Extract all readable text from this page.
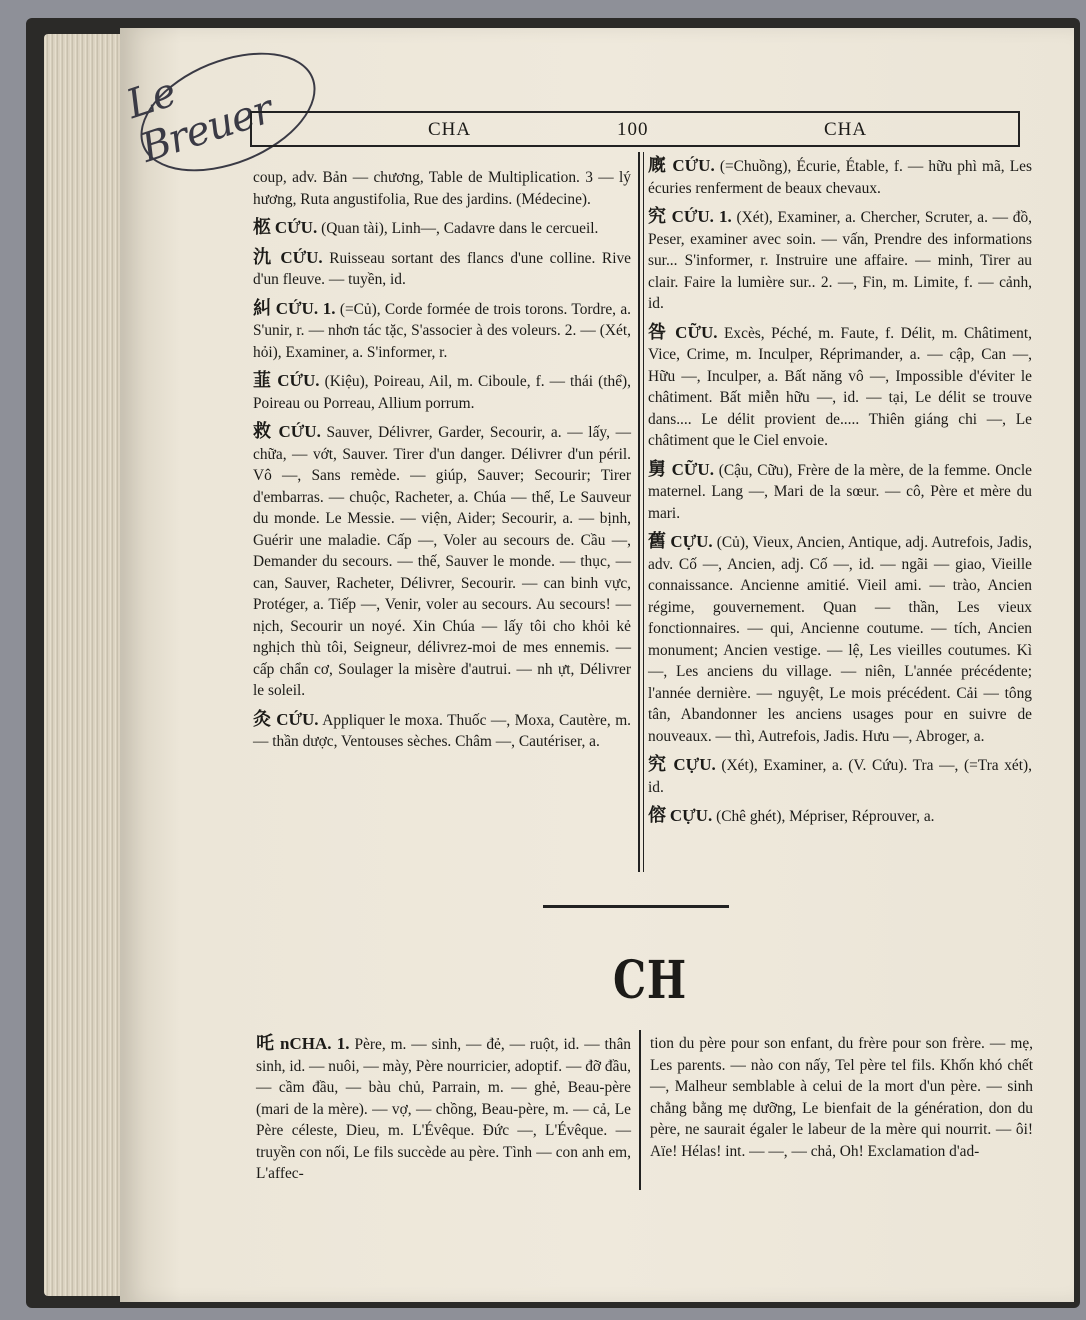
Le Breuer	CHA	100	CHA

coup, adv. Bản — chương, Table de Multiplication. 3 — lý hương, Ruta angustifolia, Rue des jardins. (Médecine).

柩 CỨU. (Quan tài), Linh—, Cadavre dans le cercueil.

氿 CỨU. Ruisseau sortant des flancs d'une colline. Rive d'un fleuve. — tuyền, id.

糾 CỨU. 1. (=Củ), Corde formée de trois torons. Tordre, a. S'unir, r. — nhơn tác tặc, S'associer à des voleurs. 2. — (Xét, hỏi), Examiner, a. S'informer, r.

韮 CỨU. (Kiệu), Poireau, Ail, m. Ciboule, f. — thái (thể), Poireau ou Porreau, Allium porrum.

救 CỨU. Sauver, Délivrer, Garder, Secourir, a. — lấy, — chữa, — vớt, Sauver. Tirer d'un danger. Délivrer d'un péril. Vô —, Sans remède. — giúp, Sauver; Secourir; Tirer d'embarras. — chuộc, Racheter, a. Chúa — thế, Le Sauveur du monde. Le Messie. — viện, Aider; Secourir, a. — bịnh, Guérir une maladie. Cấp —, Voler au secours de. Cầu —, Demander du secours. — thế, Sauver le monde. — thục, — can, Sauver, Racheter, Délivrer, Secourir. — can binh vực, Protéger, a. Tiếp —, Venir, voler au secours. Au secours! — nịch, Secourir un noyé. Xin Chúa — lấy tôi cho khỏi kẻ nghịch thù tôi, Seigneur, délivrez-moi de mes ennemis. — cấp chẩn cơ, Soulager la misère d'autrui. — nh ựt, Délivrer le soleil.

灸 CỨU. Appliquer le moxa. Thuốc —, Moxa, Cautère, m. — thần dược, Ventouses sèches. Châm —, Cautériser, a.

廐 CỨU. (=Chuồng), Écurie, Étable, f. — hữu phì mã, Les écuries renferment de beaux chevaux.

究 CỨU. 1. (Xét), Examiner, a. Chercher, Scruter, a. — đồ, Peser, examiner avec soin. — vấn, Prendre des informations sur... S'informer, r. Instruire une affaire. — minh, Tirer au clair. Faire la lumière sur.. 2. —, Fin, m. Limite, f. — cảnh, id.

咎 CỮU. Excès, Péché, m. Faute, f. Délit, m. Châtiment, Vice, Crime, m. Inculper, Réprimander, a. — cập, Can —, Hữu —, Inculper, a. Bất năng vô —, Impossible d'éviter le châtiment. Bất miễn hữu —, id. — tại, Le délit se trouve dans.... Le délit provient de..... Thiên giáng chi —, Le châtiment que le Ciel envoie.

舅 CỮU. (Cậu, Cữu), Frère de la mère, de la femme. Oncle maternel. Lang —, Mari de la sœur. — cô, Père et mère du mari.

舊 CỰU. (Củ), Vieux, Ancien, Antique, adj. Autrefois, Jadis, adv. Cố —, Ancien, adj. Cố —, id. — ngãi — giao, Vieille connaissance. Ancienne amitié. Vieil ami. — trào, Ancien régime, gouvernement. Quan — thần, Les vieux fonctionnaires. — qui, Ancienne coutume. — tích, Ancien monument; Ancien vestige. — lệ, Les vieilles coutumes. Kì —, Les anciens du village. — niên, L'année précédente; l'année dernière. — nguyệt, Le mois précédent. Cải — tông tân, Abandonner les anciens usages pour en suivre de nouveaux. — thì, Autrefois, Jadis. Hưu —, Abroger, a.

究 CỰU. (Xét), Examiner, a. (V. Cứu). Tra —, (=Tra xét), id.

傛 CỰU. (Chê ghét), Mépriser, Réprouver, a.

CH

吒 nCHA. 1. Père, m. — sinh, — đẻ, — ruột, id. — thân sinh, id. — nuôi, — mày, Père nourricier, adoptif. — đỡ đầu, — cầm đầu, — bàu chủ, Parrain, m. — ghẻ, Beau-père (mari de la mère). — vợ, — chồng, Beau-père, m. — cả, Le Père céleste, Dieu, m. L'Évêque. Đức —, L'Évêque. — truyền con nối, Le fils succède au père. Tình — con anh em, L'affec-

tion du père pour son enfant, du frère pour son frère. — mẹ, Les parents. — nào con nấy, Tel père tel fils. Khốn khó chết —, Malheur semblable à celui de la mort d'un père. — sinh chẳng bằng mẹ dưỡng, Le bienfait de la génération, don du père, ne saurait égaler le labeur de la mère qui nourrit. — ôi! Aïe! Hélas! int. — —, — chả, Oh! Exclamation d'ad-
